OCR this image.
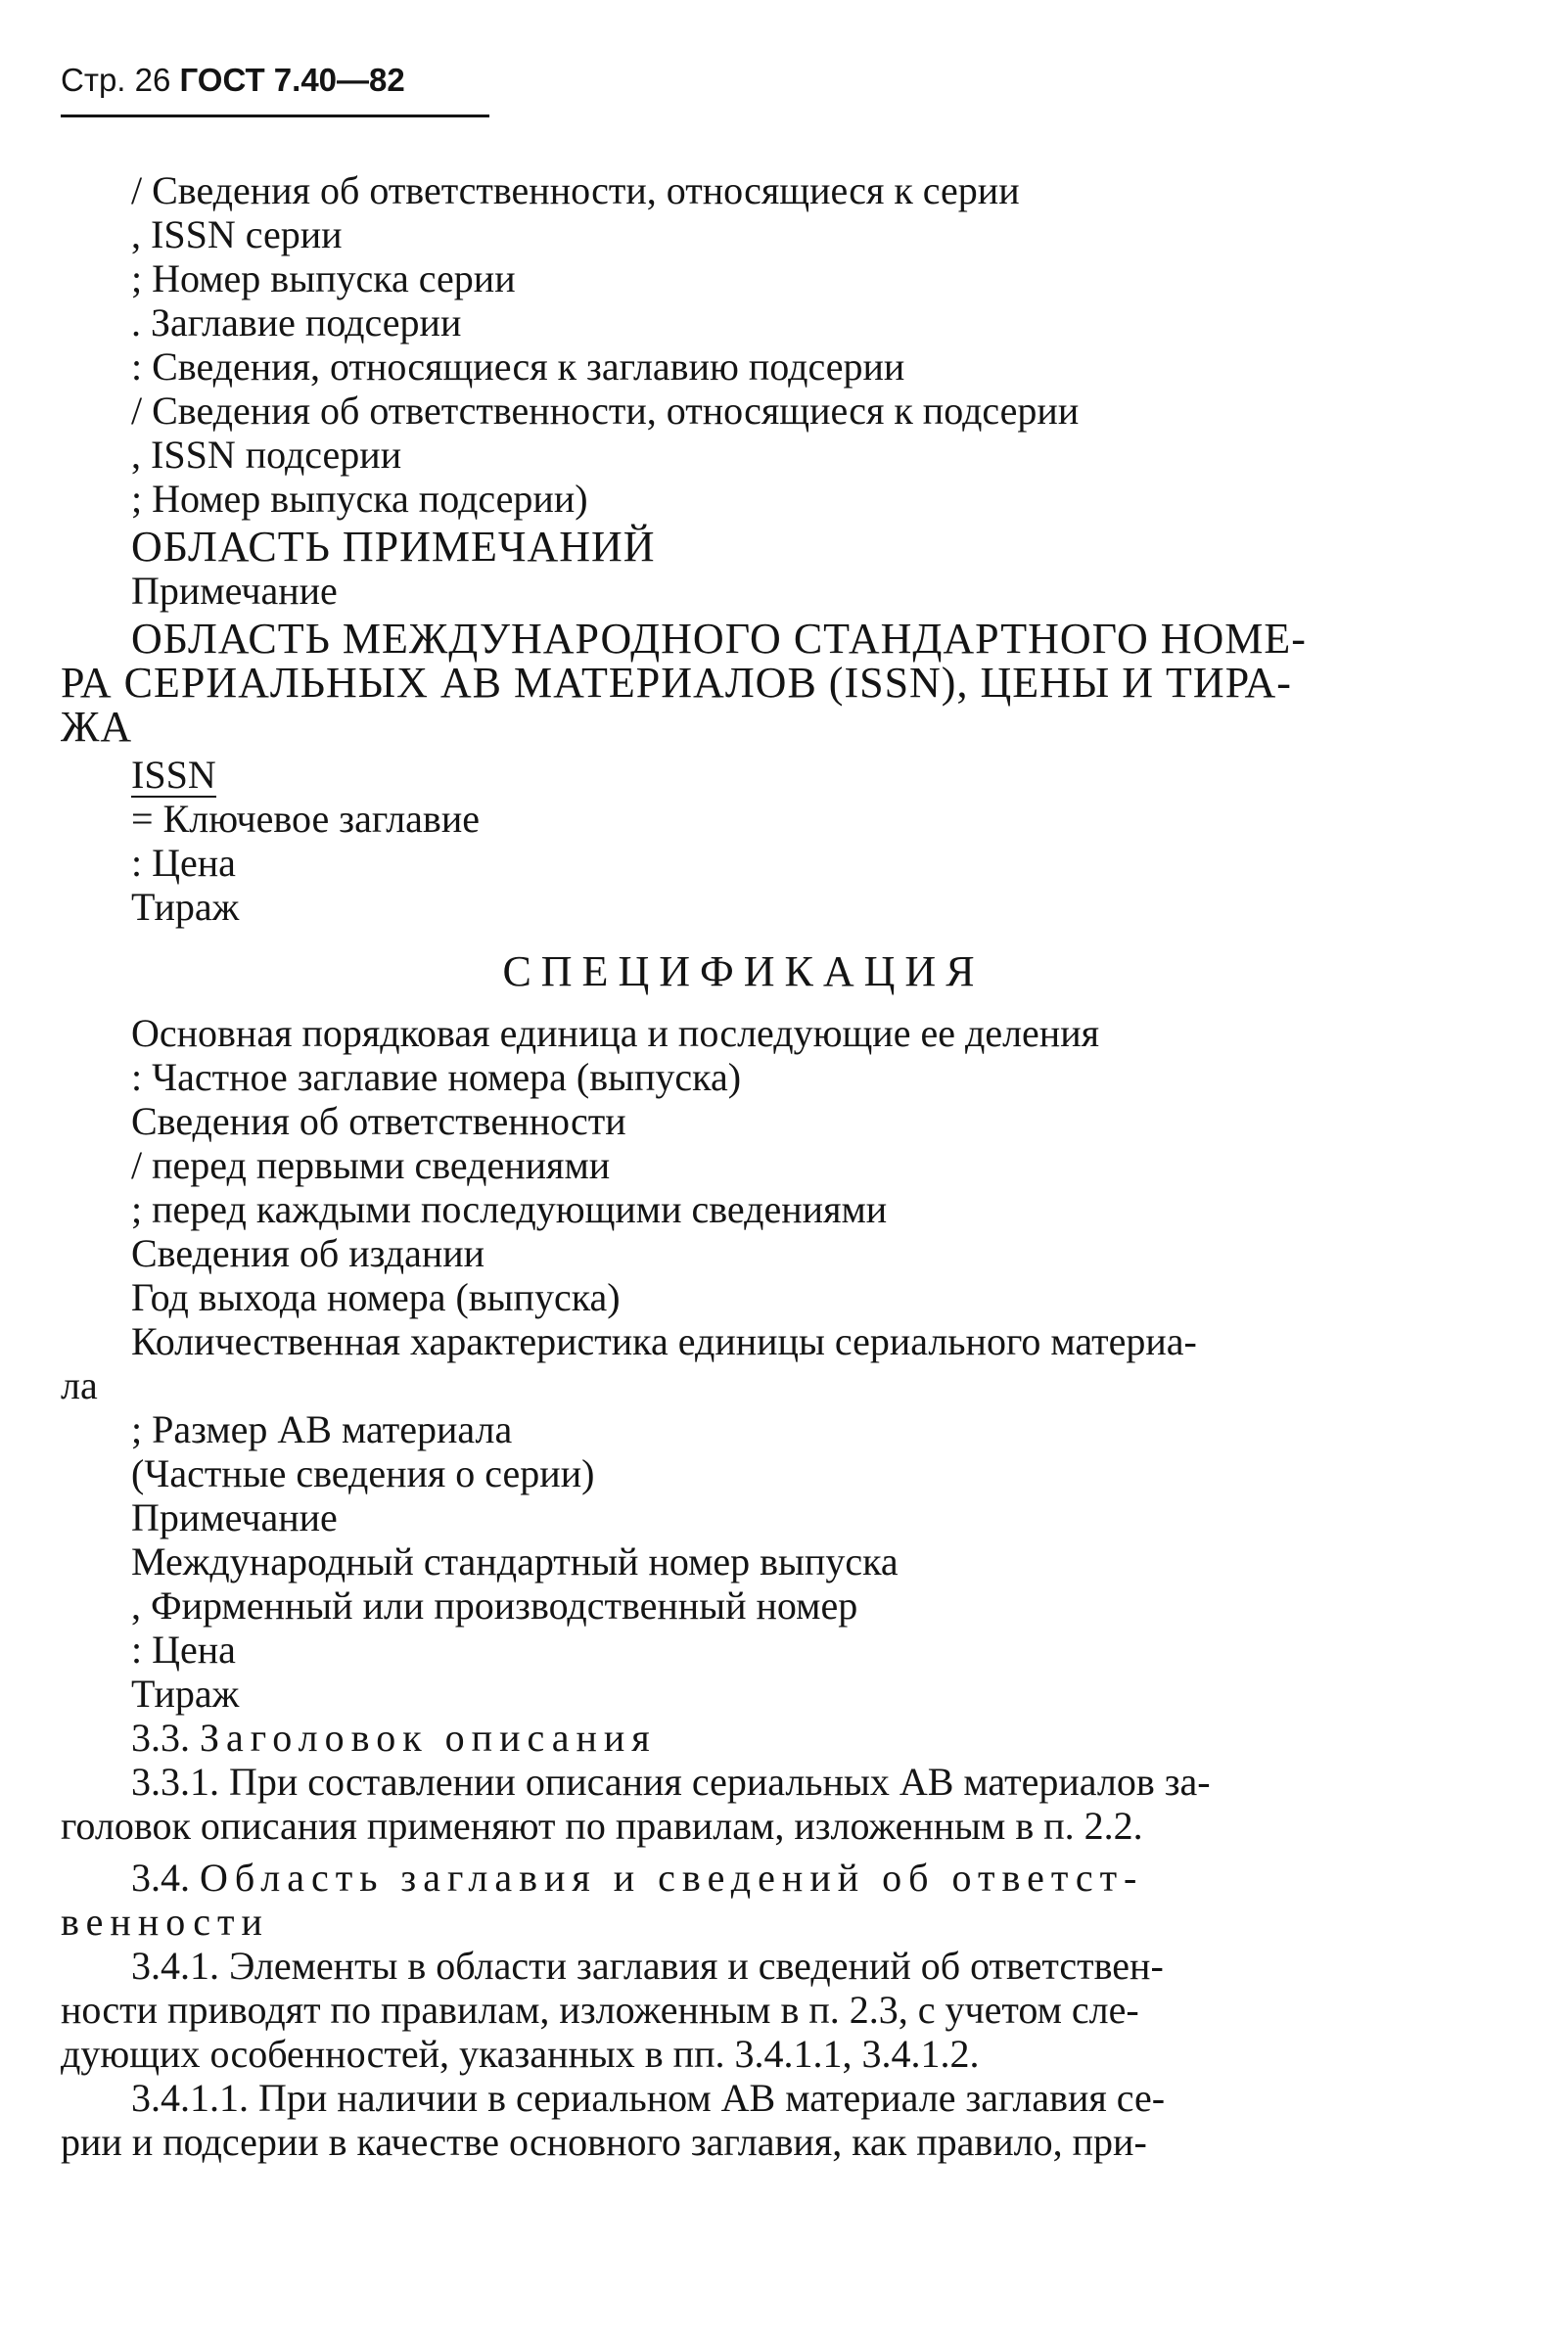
Стр. 26 ГОСТ 7.40—82
/ Сведения об ответственности, относящиеся к серии
, ISSN серии
; Номер выпуска серии
. Заглавие подсерии
: Сведения, относящиеся к заглавию подсерии
/ Сведения об ответственности, относящиеся к подсерии
, ISSN подсерии
; Номер выпуска подсерии)
ОБЛАСТЬ ПРИМЕЧАНИЙ
Примечание
ОБЛАСТЬ МЕЖДУНАРОДНОГО СТАНДАРТНОГО НОМЕ-
РА СЕРИАЛЬНЫХ АВ МАТЕРИАЛОВ (ISSN), ЦЕНЫ И ТИРА-
ЖА
ISSN
= Ключевое заглавие
: Цена
Тираж
СПЕЦИФИКАЦИЯ
Основная порядковая единица и последующие ее деления
: Частное заглавие номера (выпуска)
Сведения об ответственности
/ перед первыми сведениями
; перед каждыми последующими сведениями
Сведения об издании
Год выхода номера (выпуска)
Количественная характеристика единицы сериального материа-
ла
; Размер АВ материала
(Частные сведения о серии)
Примечание
Международный стандартный номер выпуска
, Фирменный или производственный номер
: Цена
Тираж
3.3. Заголовок описания
3.3.1. При составлении описания сериальных АВ материалов за-
головок описания применяют по правилам, изложенным в п. 2.2.
3.4. Область заглавия и сведений об ответст-
венности
3.4.1. Элементы в области заглавия и сведений об ответствен-
ности приводят по правилам, изложенным в п. 2.3, с учетом сле-
дующих особенностей, указанных в пп. 3.4.1.1, 3.4.1.2.
3.4.1.1. При наличии в сериальном АВ материале заглавия се-
рии и подсерии в качестве основного заглавия, как правило, при-
